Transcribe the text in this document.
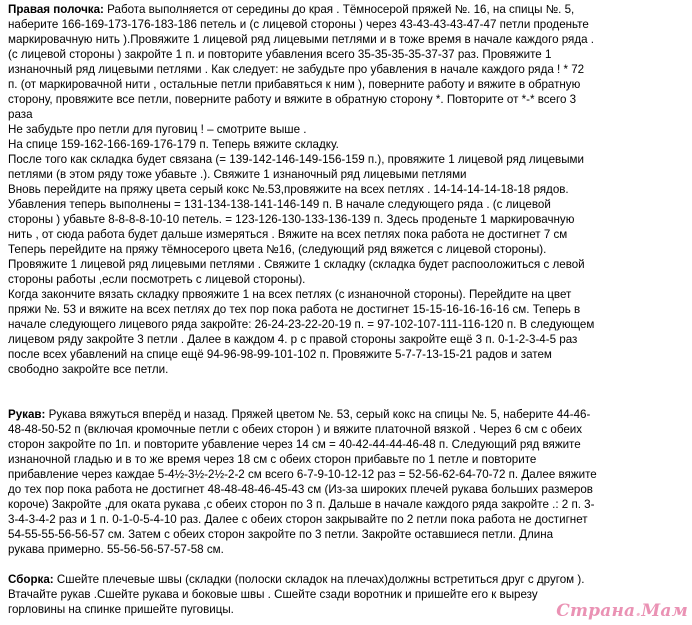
Правая полочка: Работа выполняется от середины до края . Тёмносерой пряжей №. 16, на спицы №. 5,
наберите 166-169-173-176-183-186 петель и (с лицевой стороны ) через 43-43-43-43-47-47 петли проденьте
маркировачную нить ).Провяжите 1 лицевой ряд лицевыми петлями и в тоже время в начале каждого ряда .
(с лицевой стороны ) закройте 1 п. и повторите убавления всего 35-35-35-35-37-37 раз. Провяжите 1
изнаночный ряд лицевыми петлями . Как следует: не забудьте про убавления в начале каждого ряда ! * 72
п. (от маркировачной нити , остальные петли прибавяться к ним ), поверните работу и вяжите в обратную
сторону, провяжите все петли, поверните работу и вяжите в обратную сторону *. Повторите от *-* всего 3
раза
Не забудьте про петли для пуговиц ! – смотрите выше .
На спице 159-162-166-169-176-179 п. Теперь вяжите складку.
После того как складка будет связана (= 139-142-146-149-156-159 п.), провяжите 1 лицевой ряд лицевыми
петлями (в этом ряду тоже убавьте .). Свяжите 1 изнаночный ряд лицевыми петлями
Вновь перейдите на пряжу цвета серый кокс №.53,провяжите на всех петлях . 14-14-14-14-18-18 рядов.
Убавления теперь выполнены = 131-134-138-141-146-149 п. В начале следующего ряда . (с лицевой
стороны ) убавьте 8-8-8-8-10-10 петель. = 123-126-130-133-136-139 п. Здесь проденьте 1 маркировачную
нить , от сюда работа будет дальше измеряться . Вяжите на всех петлях пока работа не достигнет 7 см
Теперь перейдите на пряжу тёмносерого цвета №16, (следующий ряд вяжется с лицевой стороны).
Провяжите 1 лицевой ряд лицевыми петлями . Свяжите 1 складку (складка будет распооложиться с левой
стороны работы ,если посмотреть с лицевой стороны).
Когда закончите вязать складку првояжите 1 на всех петлях (с изнаночной стороны). Перейдите на цвет
пряжи №. 53 и вяжите на всех петлях до тех пор пока работа не достигнет 15-15-16-16-16-16 см. Теперь в
начале следующего лицевого ряда закройте: 26-24-23-22-20-19 п. = 97-102-107-111-116-120 п. В следующем
лицевом ряду закройте 3 петли . Далее в каждом 4. р с правой стороны закройте ещё 3 п. 0-1-2-3-4-5 раз
после всех убавлений на спице ещё 94-96-98-99-101-102 п. Провяжите 5-7-7-13-15-21 радов и затем
свободно закройте все петли.
Рукав: Рукава вяжуться вперёд и назад. Пряжей цветом №. 53, серый кокс на спицы №. 5, наберите 44-46-
48-48-50-52 п (включая кромочные петли с обеих сторон ) и вяжите платочной вязкой . Через 6 см с обеих
сторон закройте по 1п. и повторите убавление через 14 см = 40-42-44-44-46-48 п. Следующий ряд вяжите
изнаночной гладью и в то же время через 18 см с обеих сторон прибавьте по 1 петле и повторите
прибавление через каждае 5-4½-3½-2½-2-2 см всего 6-7-9-10-12-12 раз = 52-56-62-64-70-72 п. Далее вяжите
до тех пор пока работа не достигнет 48-48-48-46-45-43 см (Из-за широких плечей рукава больших размеров
короче) Закройте ,для оката рукава ,с обеих сторон по 3 п. Дальше в начале каждого ряда закройте .: 2 п. 3-
3-4-3-4-2 раз и 1 п. 0-1-0-5-4-10 раз. Далее с обеих сторон закрывайте по 2 петли пока работа не достигнет
54-55-55-56-56-57 см. Затем с обеих сторон закройте по 3 петли. Закройте оставшиеся петли. Длина
рукава примерно. 55-56-56-57-57-58 см.
Сборка: Сшейте плечевые швы (складки (полоски складок на плечах)должны встретиться друг с другом ).
Втачайте рукав .Сшейте рукава и боковые швы . Сшейте сзади воротник и пришейте его к вырезу
горловины на спинке пришейте пуговицы.	Страна.Мам
